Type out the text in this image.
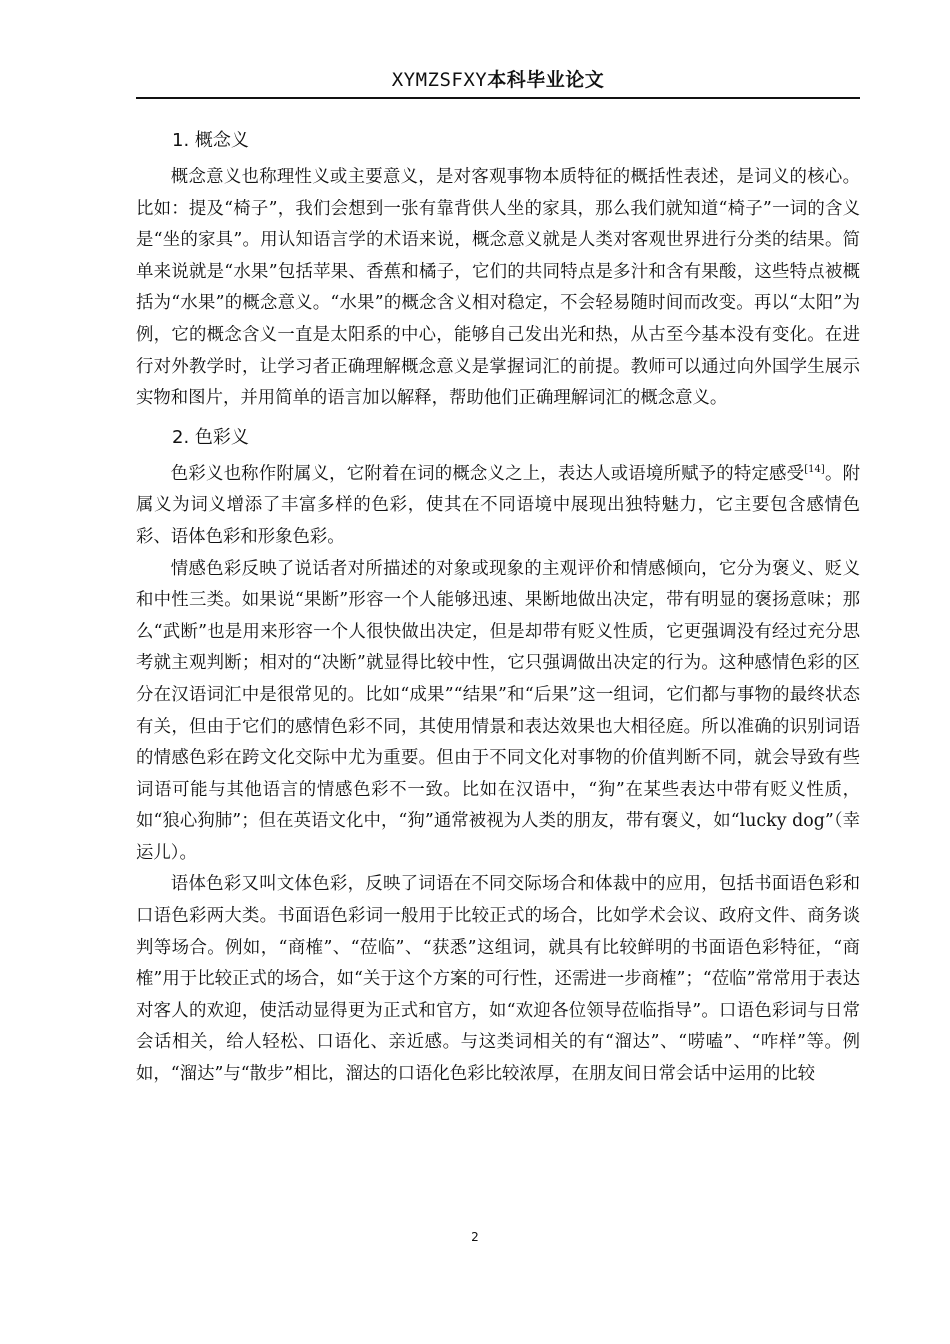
XYMZSFXY本科毕业论文
1. 概念义

概念意义也称理性义或主要意义，是对客观事物本质特征的概括性表述，是词义的核心。比如：提及“椅子”，我们会想到一张有靠背供人坐的家具，那么我们就知道“椅子”一词的含义是“坐的家具”。用认知语言学的术语来说，概念意义就是人类对客观世界进行分类的结果。简单来说就是“水果”包括苹果、香蕉和橘子，它们的共同特点是多汁和含有果酸，这些特点被概括为“水果”的概念意义。“水果”的概念含义相对稳定，不会轻易随时间而改变。再以“太阳”为例，它的概念含义一直是太阳系的中心，能够自己发出光和热，从古至今基本没有变化。在进行对外教学时，让学习者正确理解概念意义是掌握词汇的前提。教师可以通过向外国学生展示实物和图片，并用简单的语言加以解释，帮助他们正确理解词汇的概念意义。

2. 色彩义

色彩义也称作附属义，它附着在词的概念义之上，表达人或语境所赋予的特定感受[14]。附属义为词义增添了丰富多样的色彩，使其在不同语境中展现出独特魅力，它主要包含感情色彩、语体色彩和形象色彩。

情感色彩反映了说话者对所描述的对象或现象的主观评价和情感倾向，它分为褒义、贬义和中性三类。如果说“果断”形容一个人能够迅速、果断地做出决定，带有明显的褒扬意味；那么“武断”也是用来形容一个人很快做出决定，但是却带有贬义性质，它更强调没有经过充分思考就主观判断；相对的“决断”就显得比较中性，它只强调做出决定的行为。这种感情色彩的区分在汉语词汇中是很常见的。比如“成果”“结果”和“后果”这一组词，它们都与事物的最终状态有关，但由于它们的感情色彩不同，其使用情景和表达效果也大相径庭。所以准确的识别词语的情感色彩在跨文化交际中尤为重要。但由于不同文化对事物的价值判断不同，就会导致有些词语可能与其他语言的情感色彩不一致。比如在汉语中，“狗”在某些表达中带有贬义性质，如“狼心狗肺”；但在英语文化中，“狗”通常被视为人类的朋友，带有褒义，如“lucky dog”（幸运儿）。

语体色彩又叫文体色彩，反映了词语在不同交际场合和体裁中的应用，包括书面语色彩和口语色彩两大类。书面语色彩词一般用于比较正式的场合，比如学术会议、政府文件、商务谈判等场合。例如，“商榷”、“莅临”、“获悉”这组词，就具有比较鲜明的书面语色彩特征，“商榷”用于比较正式的场合，如“关于这个方案的可行性，还需进一步商榷”；“莅临”常常用于表达对客人的欢迎，使活动显得更为正式和官方，如“欢迎各位领导莅临指导”。口语色彩词与日常会话相关，给人轻松、口语化、亲近感。与这类词相关的有“溜达”、“唠嗑”、“咋样”等。例如，“溜达”与“散步”相比，溜达的口语化色彩比较浓厚，在朋友间日常会话中运用的比较

2
